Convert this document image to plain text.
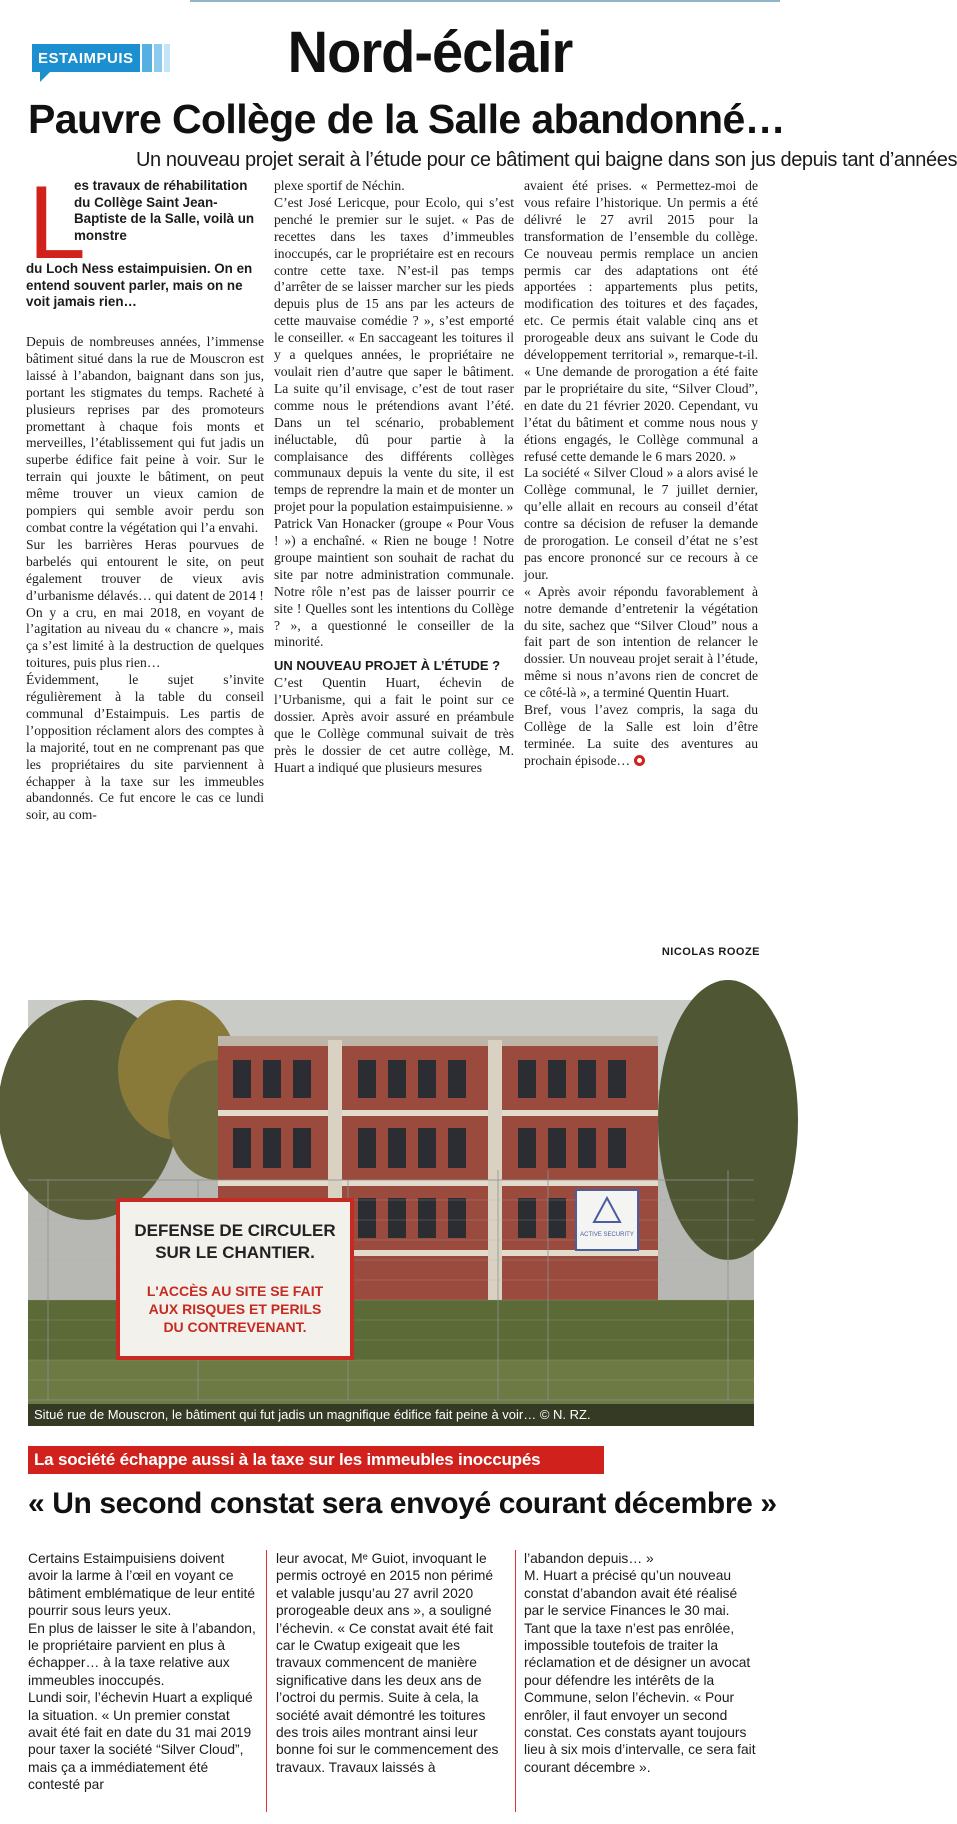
ESTAIMPUIS	Nord-éclair
Pauvre Collège de la Salle abandonné…
Un nouveau projet serait à l’étude pour ce bâtiment qui baigne dans son jus depuis tant d’années
L
es travaux de réhabilitation du Collège Saint Jean-Baptiste de la Salle, voilà un monstre
du Loch Ness estaimpuisien. On en entend souvent parler, mais on ne voit jamais rien…

Depuis de nombreuses années, l’immense bâtiment situé dans la rue de Mouscron est laissé à l’abandon, baignant dans son jus, portant les stigmates du temps. Racheté à plusieurs reprises par des promoteurs promettant à chaque fois monts et merveilles, l’établissement qui fut jadis un superbe édifice fait peine à voir. Sur le terrain qui jouxte le bâtiment, on peut même trouver un vieux camion de pompiers qui semble avoir perdu son combat contre la végétation qui l’a envahi.

Sur les barrières Heras pourvues de barbelés qui entourent le site, on peut également trouver de vieux avis d’urbanisme délavés… qui datent de 2014 !

On y a cru, en mai 2018, en voyant de l’agitation au niveau du « chancre », mais ça s’est limité à la destruction de quelques toitures, puis plus rien…

Évidemment, le sujet s’invite régulièrement à la table du conseil communal d’Estaimpuis. Les partis de l’opposition réclament alors des comptes à la majorité, tout en ne comprenant pas que les propriétaires du site parviennent à échapper à la taxe sur les immeubles abandonnés. Ce fut encore le cas ce lundi soir, au com-

plexe sportif de Néchin.

C’est José Lericque, pour Ecolo, qui s’est penché le premier sur le sujet. « Pas de recettes dans les taxes d’immeubles inoccupés, car le propriétaire est en recours contre cette taxe. N’est-il pas temps d’arrêter de se laisser marcher sur les pieds depuis plus de 15 ans par les acteurs de cette mauvaise comédie ? », s’est emporté le conseiller. « En saccageant les toitures il y a quelques années, le propriétaire ne voulait rien d’autre que saper le bâtiment. La suite qu’il envisage, c’est de tout raser comme nous le prétendions avant l’été. Dans un tel scénario, probablement inéluctable, dû pour partie à la complaisance des différents collèges communaux depuis la vente du site, il est temps de reprendre la main et de monter un projet pour la population estaimpuisienne. »

Patrick Van Honacker (groupe « Pour Vous ! ») a enchaîné. « Rien ne bouge ! Notre groupe maintient son souhait de rachat du site par notre administration communale. Notre rôle n’est pas de laisser pourrir ce site ! Quelles sont les intentions du Collège ? », a questionné le conseiller de la minorité.

UN NOUVEAU PROJET À L’ÉTUDE ?

C’est Quentin Huart, échevin de l’Urbanisme, qui a fait le point sur ce dossier. Après avoir assuré en préambule que le Collège communal suivait de très près le dossier de cet autre collège, M. Huart a indiqué que plusieurs mesures

avaient été prises. « Permettez-moi de vous refaire l’historique. Un permis a été délivré le 27 avril 2015 pour la transformation de l’ensemble du collège. Ce nouveau permis remplace un ancien permis car des adaptations ont été apportées : appartements plus petits, modification des toitures et des façades, etc. Ce permis était valable cinq ans et prorogeable deux ans suivant le Code du développement territorial », remarque-t-il. « Une demande de prorogation a été faite par le propriétaire du site, “Silver Cloud”, en date du 21 février 2020. Cependant, vu l’état du bâtiment et comme nous nous y étions engagés, le Collège communal a refusé cette demande le 6 mars 2020. »

La société « Silver Cloud » a alors avisé le Collège communal, le 7 juillet dernier, qu’elle allait en recours au conseil d’état contre sa décision de refuser la demande de prorogation. Le conseil d’état ne s’est pas encore prononcé sur ce recours à ce jour.

« Après avoir répondu favorablement à notre demande d’entretenir la végétation du site, sachez que “Silver Cloud” nous a fait part de son intention de relancer le dossier. Un nouveau projet serait à l’étude, même si nous n’avons rien de concret de ce côté-là », a terminé Quentin Huart.

Bref, vous l’avez compris, la saga du Collège de la Salle est loin d’être terminée. La suite des aventures au prochain épisode…

NICOLAS ROOZE
DEFENSE DE CIRCULER
SUR LE CHANTIER.
L'ACCÈS AU SITE SE FAIT
AUX RISQUES ET PERILS
DU CONTREVENANT.
ACTIVE SECURITY
Situé rue de Mouscron, le bâtiment qui fut jadis un magnifique édifice fait peine à voir… © N. RZ.
La société échappe aussi à la taxe sur les immeubles inoccupés
« Un second constat sera envoyé courant décembre »

Certains Estaimpuisiens doivent avoir la larme à l’œil en voyant ce bâtiment emblématique de leur entité pourrir sous leurs yeux.

En plus de laisser le site à l’abandon, le propriétaire parvient en plus à échapper… à la taxe relative aux immeubles inoccupés.

Lundi soir, l’échevin Huart a expliqué la situation. « Un premier constat avait été fait en date du 31 mai 2019 pour taxer la société “Silver Cloud”, mais ça a immédiatement été contesté par

leur avocat, Mᵉ Guiot, invoquant le permis octroyé en 2015 non périmé et valable jusqu’au 27 avril 2020 prorogeable deux ans », a souligné l’échevin. « Ce constat avait été fait car le Cwatup exigeait que les travaux commencent de manière significative dans les deux ans de l’octroi du permis. Suite à cela, la société avait démontré les toitures des trois ailes montrant ainsi leur bonne foi sur le commencement des travaux. Travaux laissés à

l’abandon depuis… »

M. Huart a précisé qu’un nouveau constat d’abandon avait été réalisé par le service Finances le 30 mai. Tant que la taxe n’est pas enrôlée, impossible toutefois de traiter la réclamation et de désigner un avocat pour défendre les intérêts de la Commune, selon l’échevin. « Pour enrôler, il faut envoyer un second constat. Ces constats ayant toujours lieu à six mois d’intervalle, ce sera fait courant décembre ».
